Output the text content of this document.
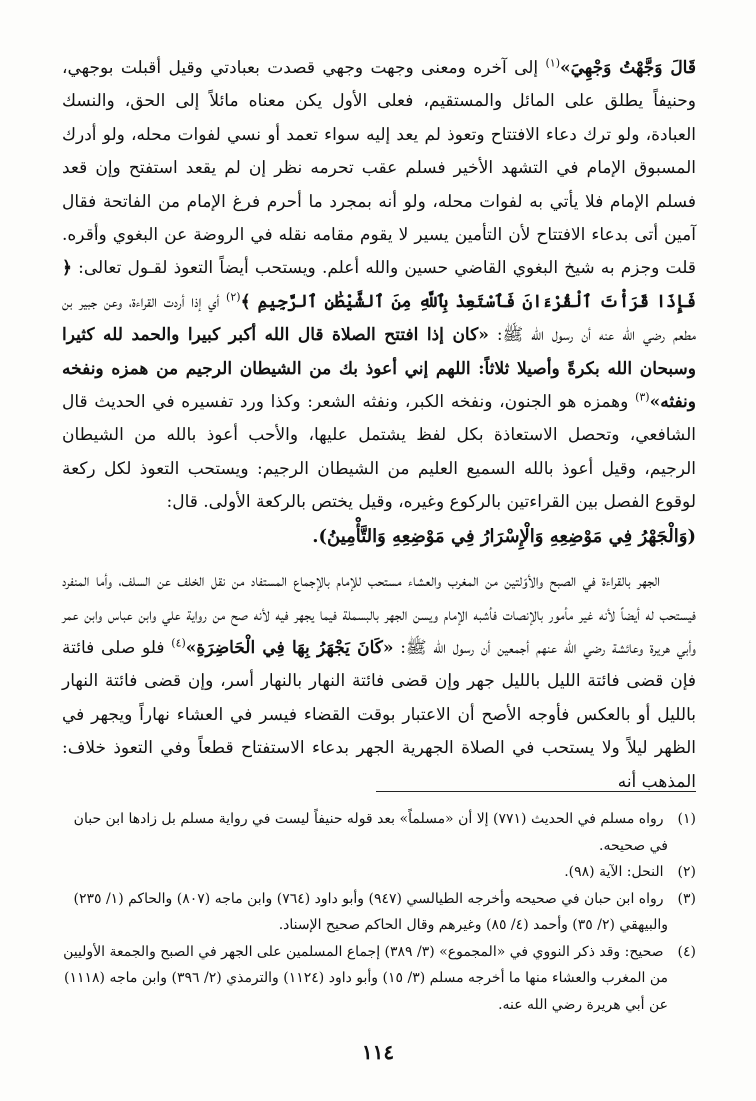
قَالَ وَجَّهْتُ وَجْهِيَ»$^{(١)}$ إلى آخره ومعنى وجهت وجهي قصدت بعبادتي وقيل أقبلت بوجهي، وحنيفاً يطلق على المائل والمستقيم، فعلى الأول يكن معناه مائلاً إلى الحق، والنسك العبادة، ولو ترك دعاء الافتتاح وتعوذ لم يعد إليه سواء تعمد أو نسي لفوات محله، ولو أدرك المسبوق الإمام في التشهد الأخير فسلم عقب تحرمه نظر إن لم يقعد استفتح وإن قعد فسلم الإمام فلا يأتي به لفوات محله، ولو أنه بمجرد ما أحرم فرغ الإمام من الفاتحة فقال آمين أتى بدعاء الافتتاح لأن التأمين يسير لا يقوم مقامه نقله في الروضة عن البغوي وأقره. قلت وجزم به شيخ البغوي القاضي حسين والله أعلم. ويستحب أيضاً التعوذ لقـول تعالى: ﴿ فَإِذَا قَرَأْتَ ٱلْقُرْءَانَ فَٱسْتَعِذْ بِٱللَّهِ مِنَ ٱلشَّيْطَٰنِ ٱلرَّجِيمِ ﴾$^{(٢)}$ أي إذا أردت القراءة، وعن جبير بن مطعم رضي الله عنه أن رسول الله ﷺ: «كان إذا افتتح الصلاة قال الله أكبر كبيرا والحمد لله كثيرا وسبحان الله بكرةً وأصيلا ثلاثاً: اللهم إني أعوذ بك من الشيطان الرجيم من همزه ونفخه ونفثه»$^{(٣)}$ وهمزه هو الجنون، ونفخه الكبر، ونفثه الشعر: وكذا ورد تفسيره في الحديث قال الشافعي، وتحصل الاستعاذة بكل لفظ يشتمل عليها، والأحب أعوذ بالله من الشيطان الرجيم، وقيل أعوذ بالله السميع العليم من الشيطان الرجيم: ويستحب التعوذ لكل ركعة لوقوع الفصل بين القراءتين بالركوع وغيره، وقيل يختص بالركعة الأولى. قال:

(وَالْجَهْرُ فِي مَوْضِعِهِ وَالْإِسْرَارُ فِي مَوْضِعِهِ وَالتَّأْمِينُ).

الجهر بالقراءة في الصبح والأوّلتين من المغرب والعشاء مستحب للإمام بالإجماع المستفاد من نقل الخلف عن السلف، وأما المنفرد فيستحب له أيضاً لأنه غير مأمور بالإنصات فأشبه الإمام ويسن الجهر بالبسملة فيما يجهر فيه لأنه صح من رواية علي وابن عباس وابن عمر وأبي هريرة وعائشة رضي الله عنهم أجمعين أن رسول الله ﷺ: «كَانَ يَجْهَرُ بِهَا فِي الْحَاضِرَةِ»$^{(٤)}$ فلو صلى فائتة فإن قضى فائتة الليل بالليل جهر وإن قضى فائتة النهار بالنهار أسر، وإن قضى فائتة النهار بالليل أو بالعكس فأوجه الأصح أن الاعتبار بوقت القضاء فيسر في العشاء نهاراً ويجهر في الظهر ليلاً ولا يستحب في الصلاة الجهرية الجهر بدعاء الاستفتاح قطعاً وفي التعوذ خلاف: المذهب أنه

(١) رواه مسلم في الحديث (٧٧١) إلا أن «مسلماً» بعد قوله حنيفاً ليست في رواية مسلم بل زادها ابن حبان في صحيحه.

(٢) النحل: الآية (٩٨).

(٣) رواه ابن حبان في صحيحه وأخرجه الطيالسي (٩٤٧) وأبو داود (٧٦٤) وابن ماجه (٨٠٧) والحاكم (١/ ٢٣٥) والبيهقي (٢/ ٣٥) وأحمد (٤/ ٨٥) وغيرهم وقال الحاكم صحيح الإسناد.

(٤) صحيح: وقد ذكر النووي في «المجموع» (٣/ ٣٨٩) إجماع المسلمين على الجهر في الصبح والجمعة الأوليين من المغرب والعشاء منها ما أخرجه مسلم (٣/ ١٥) وأبو داود (١١٢٤) والترمذي (٢/ ٣٩٦) وابن ماجه (١١١٨) عن أبي هريرة رضي الله عنه.

١١٤
